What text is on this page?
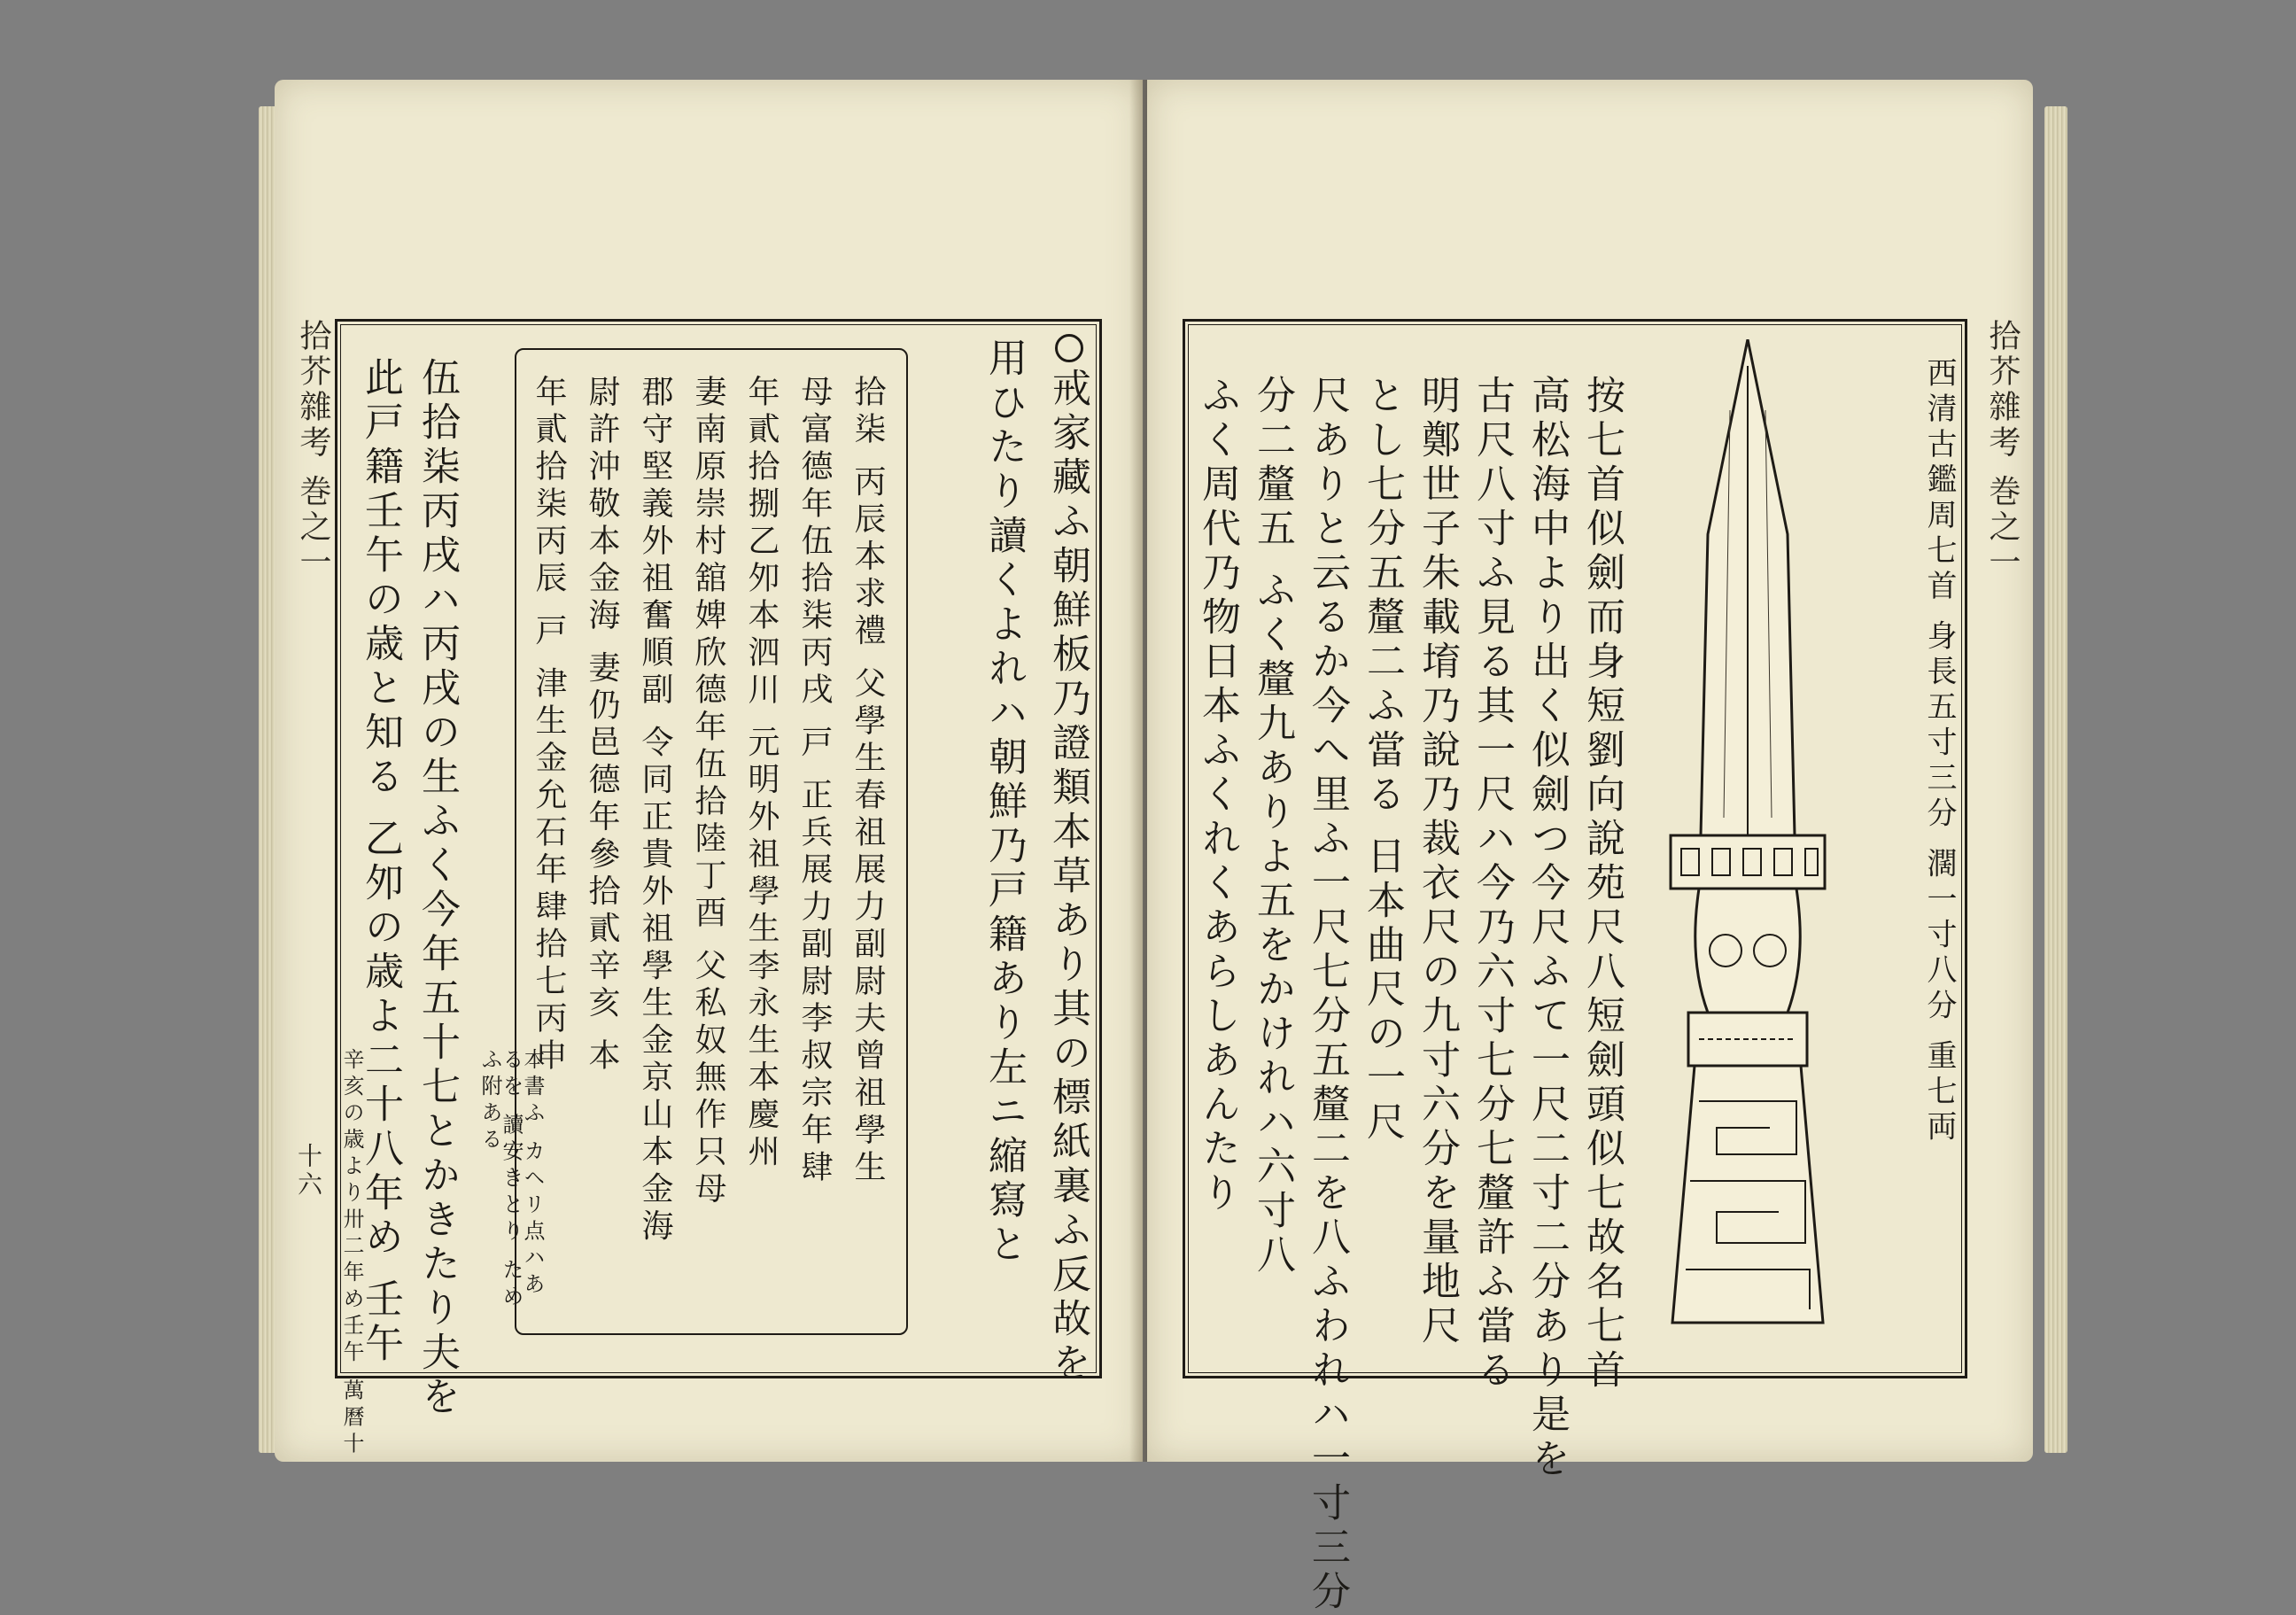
拾芥雜考 巻之一
十六	戒家藏ふ朝鮮板乃證類本草あり其の標紙裏ふ反故を
用ひたり讀くよれハ朝鮮乃戸籍あり左ニ縮寫と
拾柒 丙辰本求禮 父學生春祖展力副尉夫曾祖學生
母富德年伍拾柒丙戌 戸 正兵展力副尉李叔宗年肆
年貳拾捌乙夘本泗川 元明外祖學生李永生本慶州
妻南原崇村舘婢欣德年伍拾陸丁酉 父私奴無作只母
郡守堅義外祖奮順副 令同正貴外祖學生金京山本金海
尉許沖敬本金海 妻仍邑德年參拾貳辛亥 本
年貳拾柒丙辰 戸 津生金允石年肆拾七丙申
本書ふ カヘリ点ハあるを 讀安きとり ためふ附ある
伍拾柒丙戌ハ丙戌の生ふく今年五十七とかきたり夫を
此戸籍壬午の歳と知る 乙夘の歳よ二十八年め 壬午
辛亥の歳より卅二年め壬午 萬曆十
西清古鑑周七首 身長五寸三分 濶一寸八分 重七両
按七首似劍而身短劉向說苑尺八短劍頭似七故名七首
高松海中より出く似劍つ今尺ふて一尺二寸二分あり是を
古尺八寸ふ見る其一尺ハ今乃六寸七分七釐許ふ當る
明鄭世子朱載堉乃說乃裁衣尺の九寸六分を量地尺
とし七分五釐二ふ當る 日本曲尺の一尺
尺ありと云るか今へ里ふ一尺七分五釐二を八ふわれハ一寸三分
分二釐五 ふく釐九ありよ五をかけれハ六寸八
ふく周代乃物日本ふくれくあらしあんたり	拾芥雜考 巻之一
